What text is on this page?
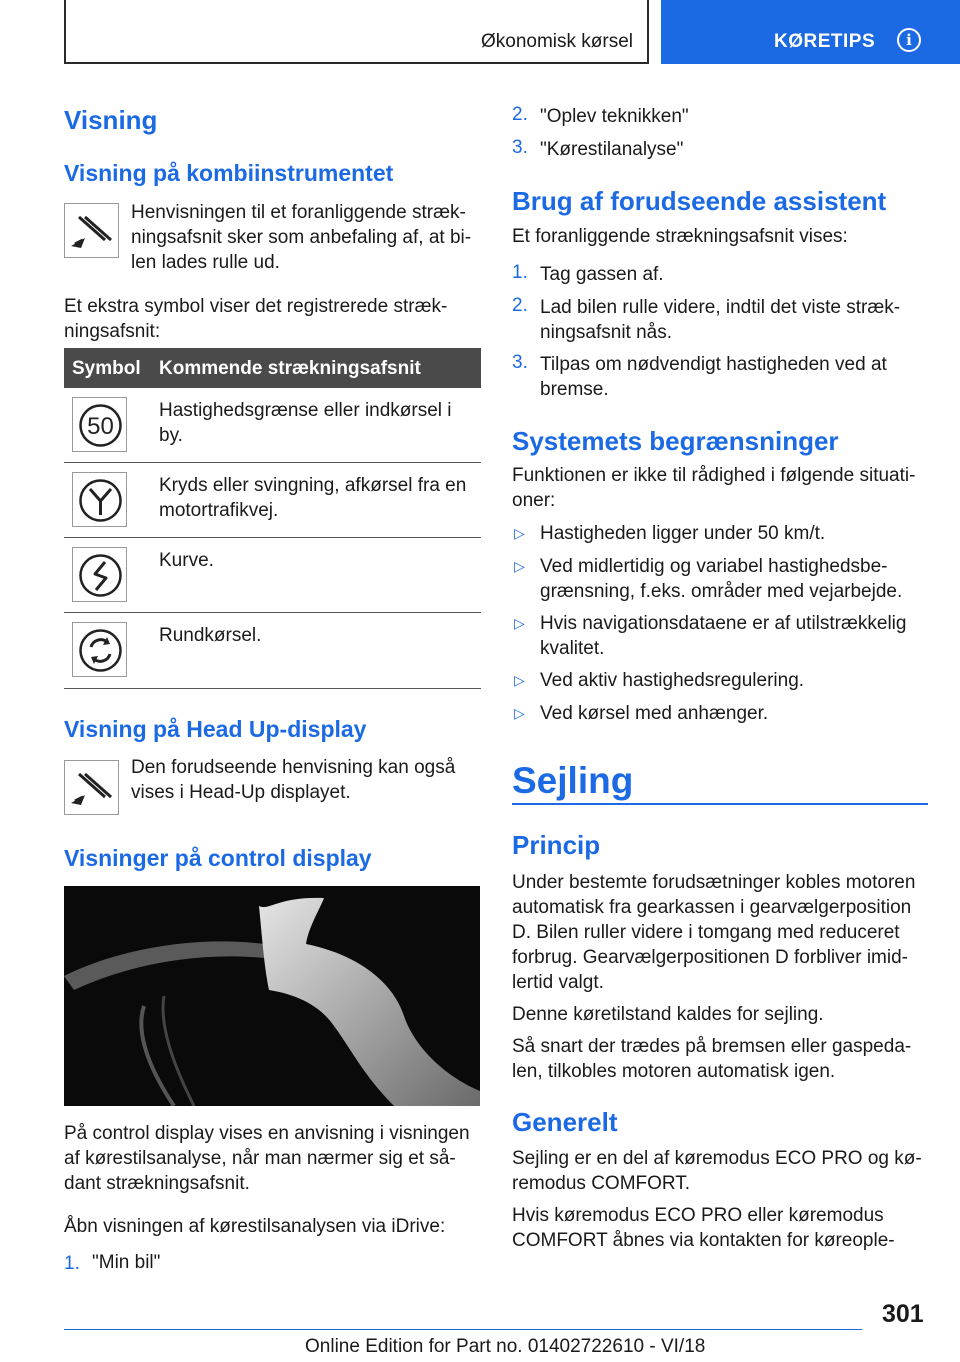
Økonomisk kørsel	KØRETIPS	i
Visning
Visning på kombiinstrumentet

Henvisningen til et foranliggende stræk-

ningsafsnit sker som anbefaling af, at bi-

len lades rulle ud.

Et ekstra symbol viser det registrerede stræk-

ningsafsnit:

Symbol Kommende strækningsafsnit
50

Hastighedsgrænse eller indkørsel i

by.

Kryds eller svingning, afkørsel fra en

motortrafikvej.

Kurve.

Rundkørsel.

Visning på Head Up-display

Den forudseende henvisning kan også

vises i Head-Up displayet.

Visninger på control display

På control display vises en anvisning i visningen

af kørestilsanalyse, når man nærmer sig et så-

dant strækningsafsnit.

Åbn visningen af kørestilsanalysen via iDrive:

1. "Min bil"

2. "Oplev teknikken"

3. "Kørestilanalyse"

Brug af forudseende assistent

Et foranliggende strækningsafsnit vises:

1. Tag gassen af.

2. Lad bilen rulle videre, indtil det viste stræk-

ningsafsnit nås.

3. Tilpas om nødvendigt hastigheden ved at

bremse.

Systemets begrænsninger

Funktionen er ikke til rådighed i følgende situati-

oner:

▷ Hastigheden ligger under 50 km/t.

▷ Ved midlertidig og variabel hastighedsbe-

grænsning, f.eks. områder med vejarbejde.

▷ Hvis navigationsdataene er af utilstrækkelig

kvalitet.

▷ Ved aktiv hastighedsregulering.

▷ Ved kørsel med anhænger.

Sejling
Princip

Under bestemte forudsætninger kobles motoren

automatisk fra gearkassen i gearvælgerposition

D. Bilen ruller videre i tomgang med reduceret

forbrug. Gearvælgerpositionen D forbliver imid-

lertid valgt.

Denne køretilstand kaldes for sejling.

Så snart der trædes på bremsen eller gaspeda-

len, tilkobles motoren automatisk igen.

Generelt

Sejling er en del af køremodus ECO PRO og kø-

remodus COMFORT.

Hvis køremodus ECO PRO eller køremodus

COMFORT åbnes via kontakten for køreople-

301
Online Edition for Part no. 01402722610 - VI/18
